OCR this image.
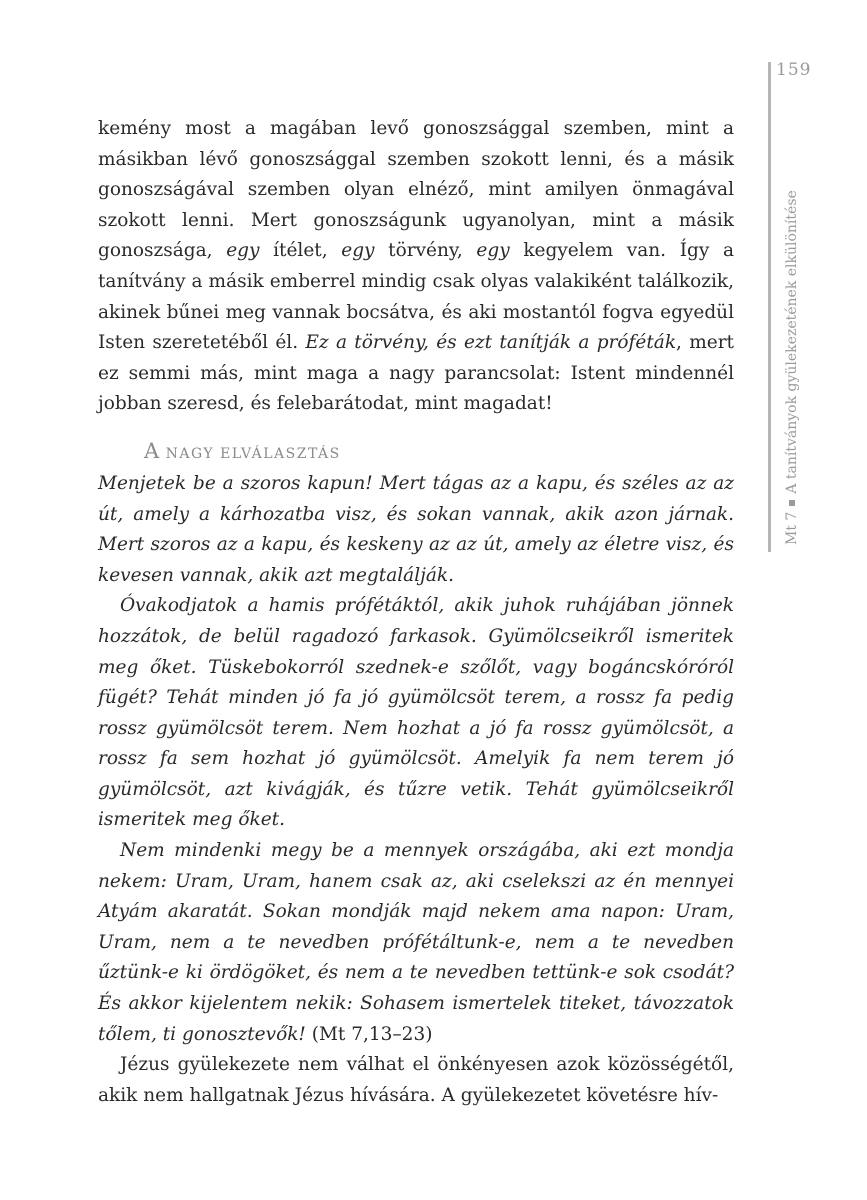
159
Mt 7A tanítványok gyülekezetének elkülönítése

kemény most a magában levő gonoszsággal szemben, mint a másikban lévő gonoszsággal szemben szokott lenni, és a másik gonoszságával szemben olyan elnéző, mint amilyen önmagával szokott lenni. Mert gonoszságunk ugyanolyan, mint a másik gonoszsága, egy ítélet, egy törvény, egy kegyelem van. Így a tanítvány a másik emberrel mindig csak olyas valakiként találkozik, akinek bűnei meg vannak bocsátva, és aki mostantól fogva egyedül Isten szeretetéből él. Ez a törvény, és ezt tanítják a próféták, mert ez semmi más, mint maga a nagy parancsolat: Istent mindennél jobban szeresd, és felebarátodat, mint magadat!

A NAGY ELVÁLASZTÁS

Menjetek be a szoros kapun! Mert tágas az a kapu, és széles az az út, amely a kárhozatba visz, és sokan vannak, akik azon járnak. Mert szoros az a kapu, és keskeny az az út, amely az életre visz, és kevesen vannak, akik azt megtalálják.

Óvakodjatok a hamis prófétáktól, akik juhok ruhájában jönnek hozzátok, de belül ragadozó farkasok. Gyümölcseikről ismeritek meg őket. Tüskebokorról szednek-e szőlőt, vagy bogáncskóróról fügét? Tehát minden jó fa jó gyümölcsöt terem, a rossz fa pedig rossz gyümölcsöt terem. Nem hozhat a jó fa rossz gyümölcsöt, a rossz fa sem hozhat jó gyümölcsöt. Amelyik fa nem terem jó gyümölcsöt, azt kivágják, és tűzre vetik. Tehát gyümölcseikről ismeritek meg őket.

Nem mindenki megy be a mennyek országába, aki ezt mondja nekem: Uram, Uram, hanem csak az, aki cselekszi az én mennyei Atyám akaratát. Sokan mondják majd nekem ama napon: Uram, Uram, nem a te nevedben prófétáltunk-e, nem a te nevedben űztünk-e ki ördögöket, és nem a te nevedben tettünk-e sok csodát? És akkor kijelentem nekik: Sohasem ismertelek titeket, távozzatok tőlem, ti gonosztevők! (Mt 7,13–23)

Jézus gyülekezete nem válhat el önkényesen azok közösségétől, akik nem hallgatnak Jézus hívására. A gyülekezetet követésre hív-
